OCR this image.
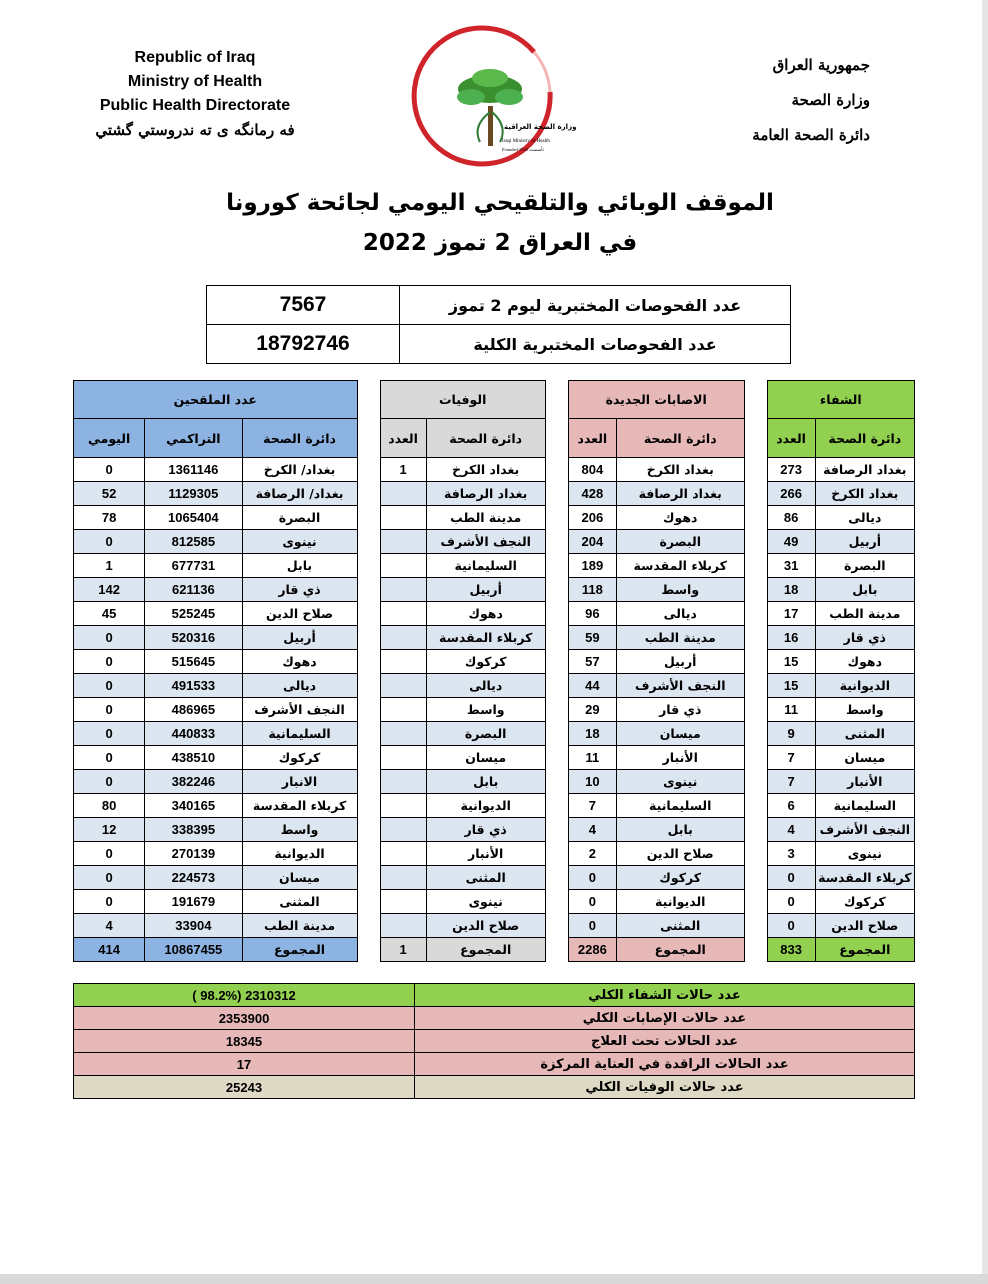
Republic of Iraq
Ministry of Health
Public Health Directorate
فه رمانگه ى ته ندروستي گشتي
جمهورية العراق
وزارة الصحة
دائرة الصحة العامة
وزارة الصحة العراقية
Iraqi Ministry of Health
Founded 1920 تأسست
الموقف الوبائي والتلقيحي اليومي لجائحة كورونا
في العراق 2 تموز 2022
عدد الفحوصات المختبرية ليوم 2 تموز	7567
عدد الفحوصات المختبرية الكلية	18792746
الشفاء			الاصابات الجديدة			الوفيات			عدد الملقحين		
دائرة الصحة	العدد		دائرة الصحة	العدد		دائرة الصحة	العدد		دائرة الصحة	التراكمي	اليومي
بغداد الرصافة	273		بغداد الكرخ	804		بغداد الكرخ	1		بغداد/ الكرخ	1361146	0
بغداد الكرخ	266		بغداد الرصافة	428		بغداد الرصافة			بغداد/ الرصافة	1129305	52
ديالى	86		دهوك	206		مدينة الطب			البصرة	1065404	78
أربيل	49		البصرة	204		النجف الأشرف			نينوى	812585	0
البصرة	31		كربلاء المقدسة	189		السليمانية			بابل	677731	1
بابل	18		واسط	118		أربيل			ذي قار	621136	142
مدينة الطب	17		ديالى	96		دهوك			صلاح الدين	525245	45
ذي قار	16		مدينة الطب	59		كربلاء المقدسة			أربيل	520316	0
دهوك	15		أربيل	57		كركوك			دهوك	515645	0
الديوانية	15		النجف الأشرف	44		ديالى			ديالى	491533	0
واسط	11		ذي قار	29		واسط			النجف الأشرف	486965	0
المثنى	9		ميسان	18		البصرة			السليمانية	440833	0
ميسان	7		الأنبار	11		ميسان			كركوك	438510	0
الأنبار	7		نينوى	10		بابل			الانبار	382246	0
السليمانية	6		السليمانية	7		الديوانية			كربلاء المقدسة	340165	80
النجف الأشرف	4		بابل	4		ذي قار			واسط	338395	12
نينوى	3		صلاح الدين	2		الأنبار			الديوانية	270139	0
كربلاء المقدسة	0		كركوك	0		المثنى			ميسان	224573	0
كركوك	0		الديوانية	0		نينوى			المثنى	191679	0
صلاح الدين	0		المثنى	0		صلاح الدين			مدينة الطب	33904	4
المجموع	833		المجموع	2286		المجموع	1		المجموع	10867455	414
عدد حالات الشفاء الكلي	2310312 (98.2% )
عدد حالات الإصابات الكلي	2353900
عدد الحالات تحت العلاج	18345
عدد الحالات الراقدة في العناية المركزة	17
عدد حالات الوفيات الكلي	25243
